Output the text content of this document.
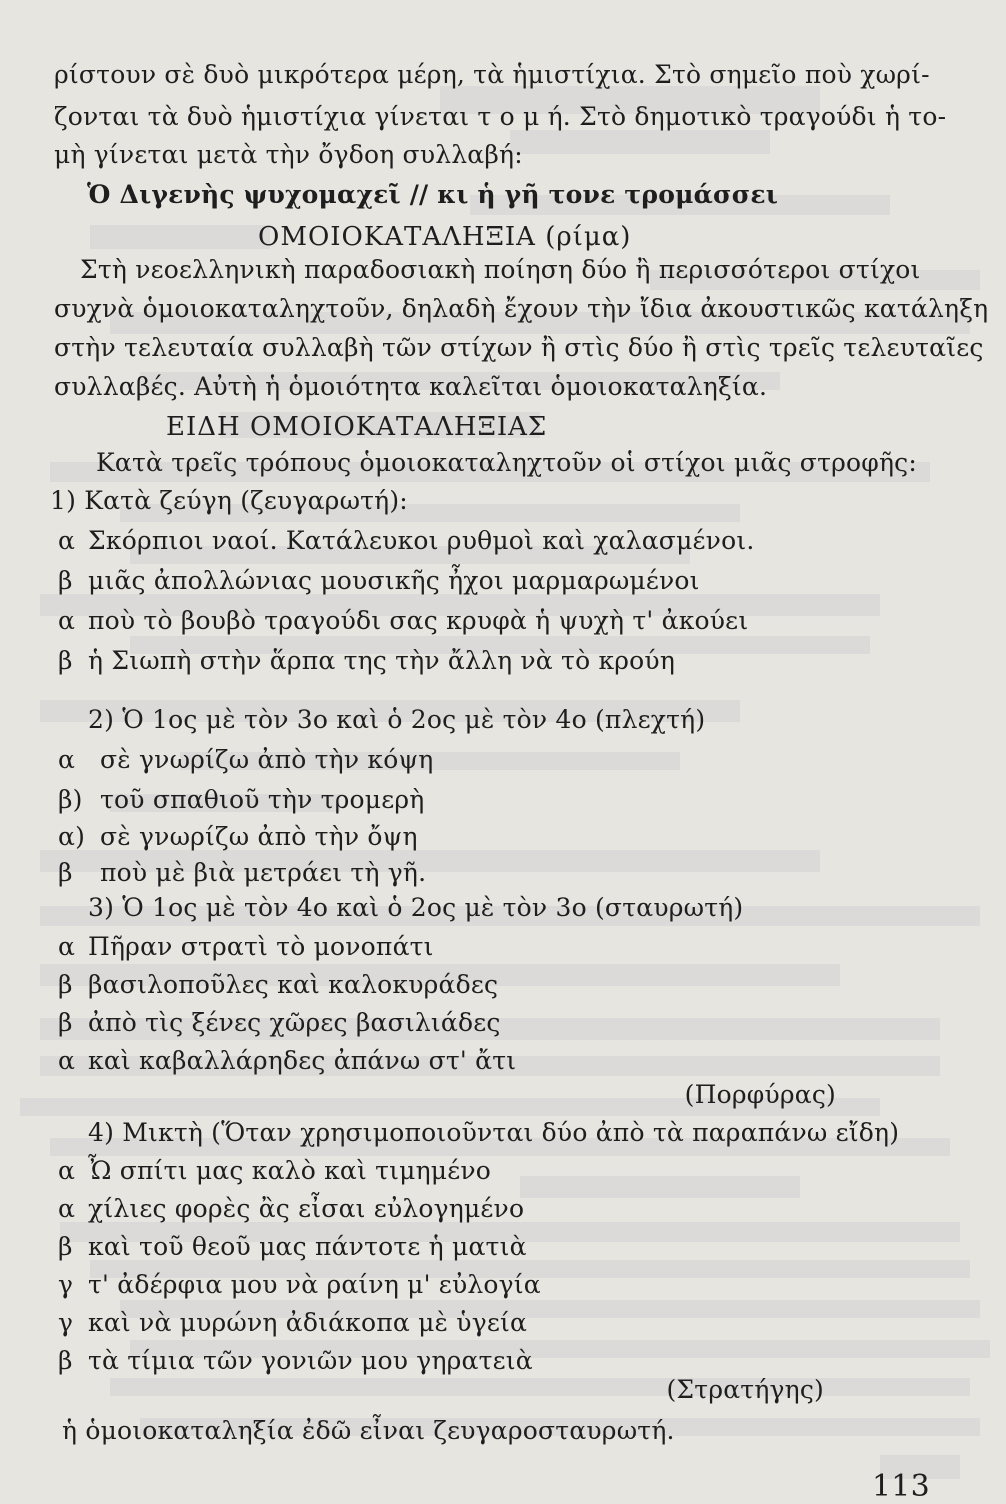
ρίστουν σὲ δυὸ μικρότερα μέρη, τὰ ἡμιστίχια. Στὸ σημεῖο ποὺ χωρί-
ζονται τὰ δυὸ ἡμιστίχια γίνεται τ ο μ ή. Στὸ δημοτικὸ τραγούδι ἡ το-
μὴ γίνεται μετὰ τὴν ὄγδοη συλλαβή:
Ὁ Διγενὴς ψυχομαχεῖ // κι ἡ γῆ τονε τρομάσσει
ΟΜΟΙΟΚΑΤΑΛΗΞΙΑ (ρίμα)
Στὴ νεοελληνικὴ παραδοσιακὴ ποίηση δύο ἢ περισσότεροι στίχοι
συχνὰ ὁμοιοκαταληχτοῦν, δηλαδὴ ἔχουν τὴν ἴδια ἀκουστικῶς κατάληξη
στὴν τελευταία συλλαβὴ τῶν στίχων ἢ στὶς δύο ἢ στὶς τρεῖς τελευταῖες
συλλαβές. Αὐτὴ ἡ ὁμοιότητα καλεῖται ὁμοιοκαταληξία.
ΕΙΔΗ ΟΜΟΙΟΚΑΤΑΛΗΞΙΑΣ
Κατὰ τρεῖς τρόπους ὁμοιοκαταληχτοῦν οἱ στίχοι μιᾶς στροφῆς:
1) Κατὰ ζεύγη (ζευγαρωτή):
α Σκόρπιοι ναοί. Κατάλευκοι ρυθμοὶ καὶ χαλασμένοι.
β μιᾶς ἀπολλώνιας μουσικῆς ἦχοι μαρμαρωμένοι
α ποὺ τὸ βουβὸ τραγούδι σας κρυφὰ ἡ ψυχὴ τ' ἀκούει
β ἡ Σιωπὴ στὴν ἅρπα της τὴν ἄλλη νὰ τὸ κρούη
2) Ὁ 1ος μὲ τὸν 3ο καὶ ὁ 2ος μὲ τὸν 4ο (πλεχτή)
α σὲ γνωρίζω ἀπὸ τὴν κόψη
β) τοῦ σπαθιοῦ τὴν τρομερὴ
α) σὲ γνωρίζω ἀπὸ τὴν ὄψη
β ποὺ μὲ βιὰ μετράει τὴ γῆ.
3) Ὁ 1ος μὲ τὸν 4ο καὶ ὁ 2ος μὲ τὸν 3ο (σταυρωτή)
α Πῆραν στρατὶ τὸ μονοπάτι
β βασιλοποῦλες καὶ καλοκυράδες
β ἀπὸ τὶς ξένες χῶρες βασιλιάδες
α καὶ καβαλλάρηδες ἀπάνω στ' ἄτι
(Πορφύρας)
4) Μικτὴ (Ὅταν χρησιμοποιοῦνται δύο ἀπὸ τὰ παραπάνω εἴδη)
α Ὦ σπίτι μας καλὸ καὶ τιμημένο
α χίλιες φορὲς ἂς εἶσαι εὐλογημένο
β καὶ τοῦ θεοῦ μας πάντοτε ἡ ματιὰ
γ τ' ἀδέρφια μου νὰ ραίνη μ' εὐλογία
γ καὶ νὰ μυρώνη ἀδιάκοπα μὲ ὑγεία
β τὰ τίμια τῶν γονιῶν μου γηρατειὰ
(Στρατήγης)
ἡ ὁμοιοκαταληξία ἐδῶ εἶναι ζευγαροσταυρωτή.
113
